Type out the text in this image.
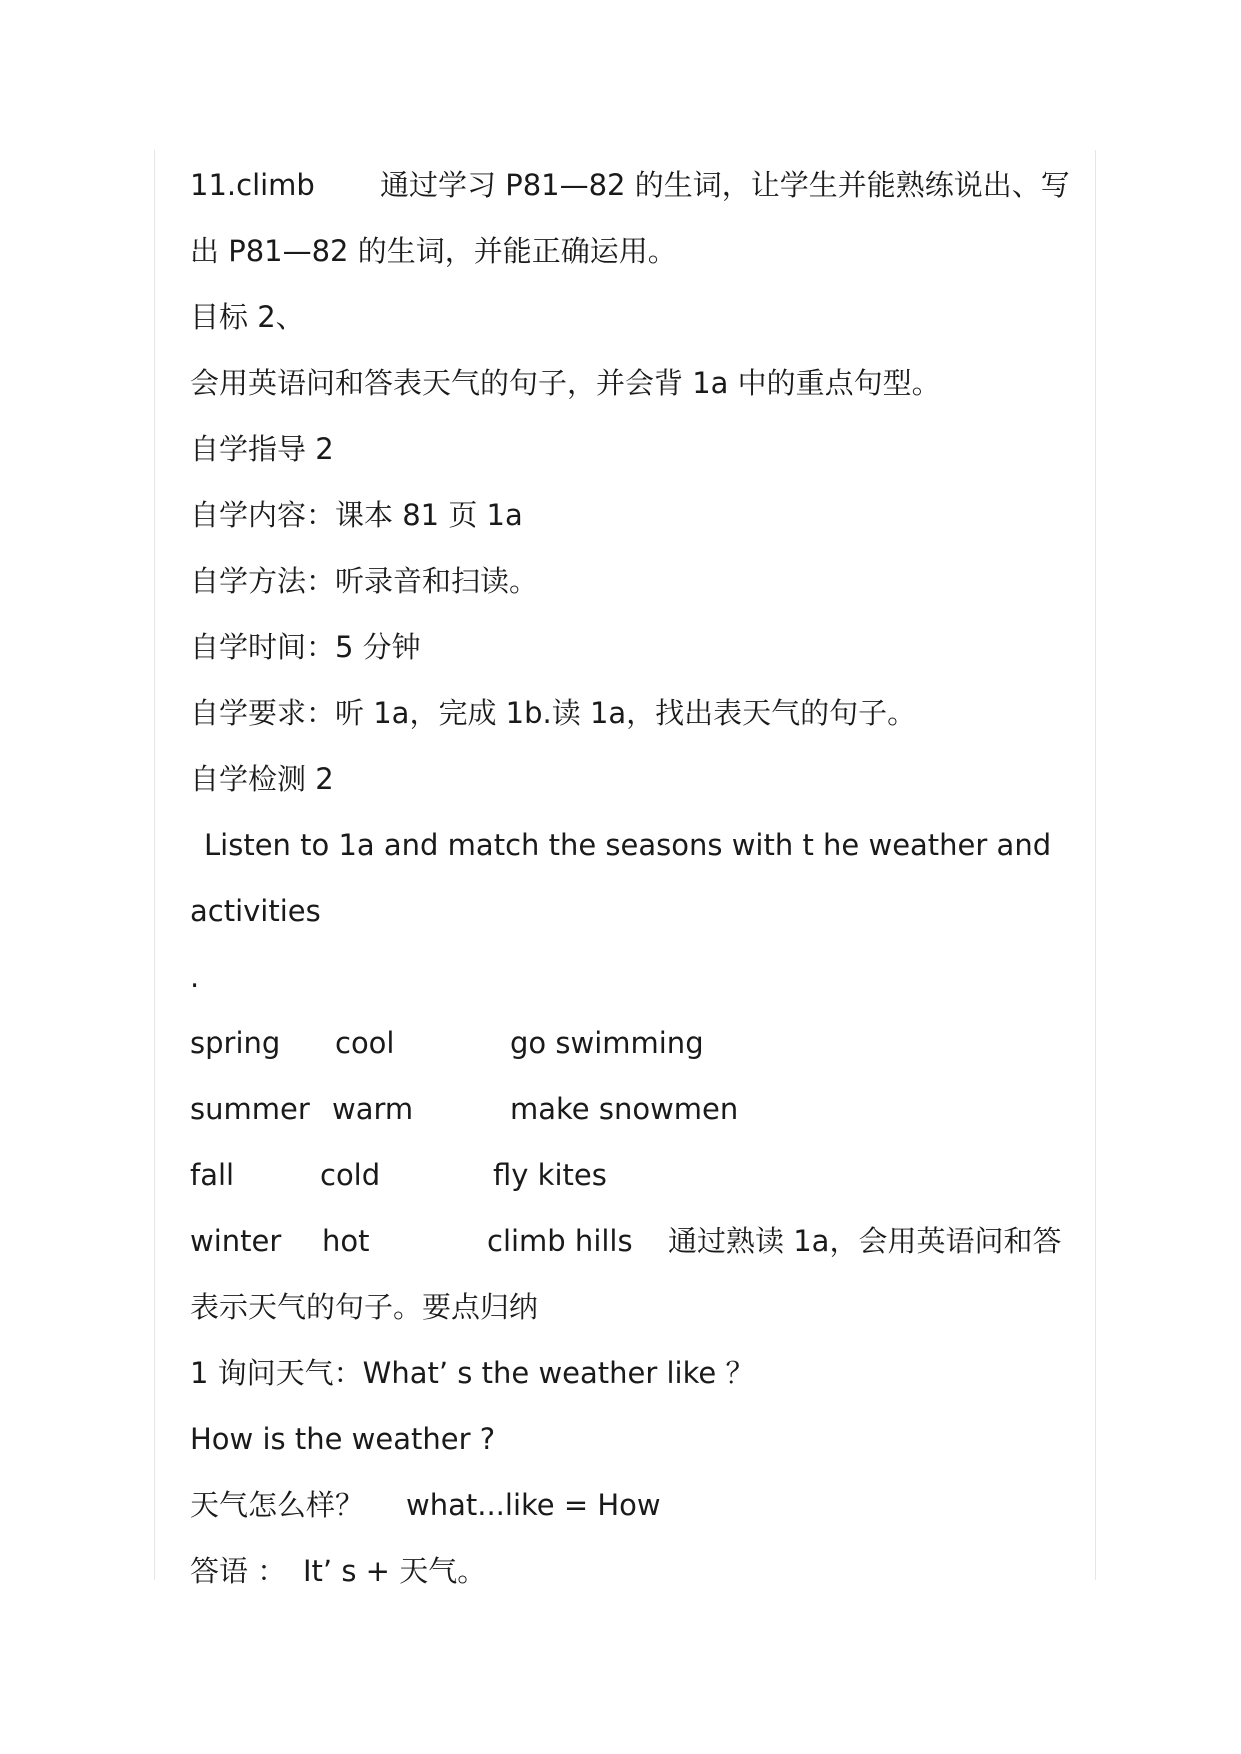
11.climb 通过学习 P81—82 的生词，让学生并能熟练说出、写
出 P81—82 的生词，并能正确运用。
目标 2、
会用英语问和答表天气的句子，并会背 1a 中的重点句型。
自学指导 2
自学内容：课本 81 页 1a
自学方法：听录音和扫读。
自学时间：5 分钟
自学要求：听 1a，完成 1b.读 1a，找出表天气的句子。
自学检测 2
Listen to 1a and match the seasons with t he weather and
activities
.
spring cool	go swimming
summer warm	make snowmen
fall	cold	fly kites
winter hot	climb hills 通过熟读 1a，会用英语问和答
表示天气的句子。要点归纳
1 询问天气：What’ s the weather like ？
How is the weather ?
天气怎么样？ what...like = How
答语 ： It’ s + 天气。
